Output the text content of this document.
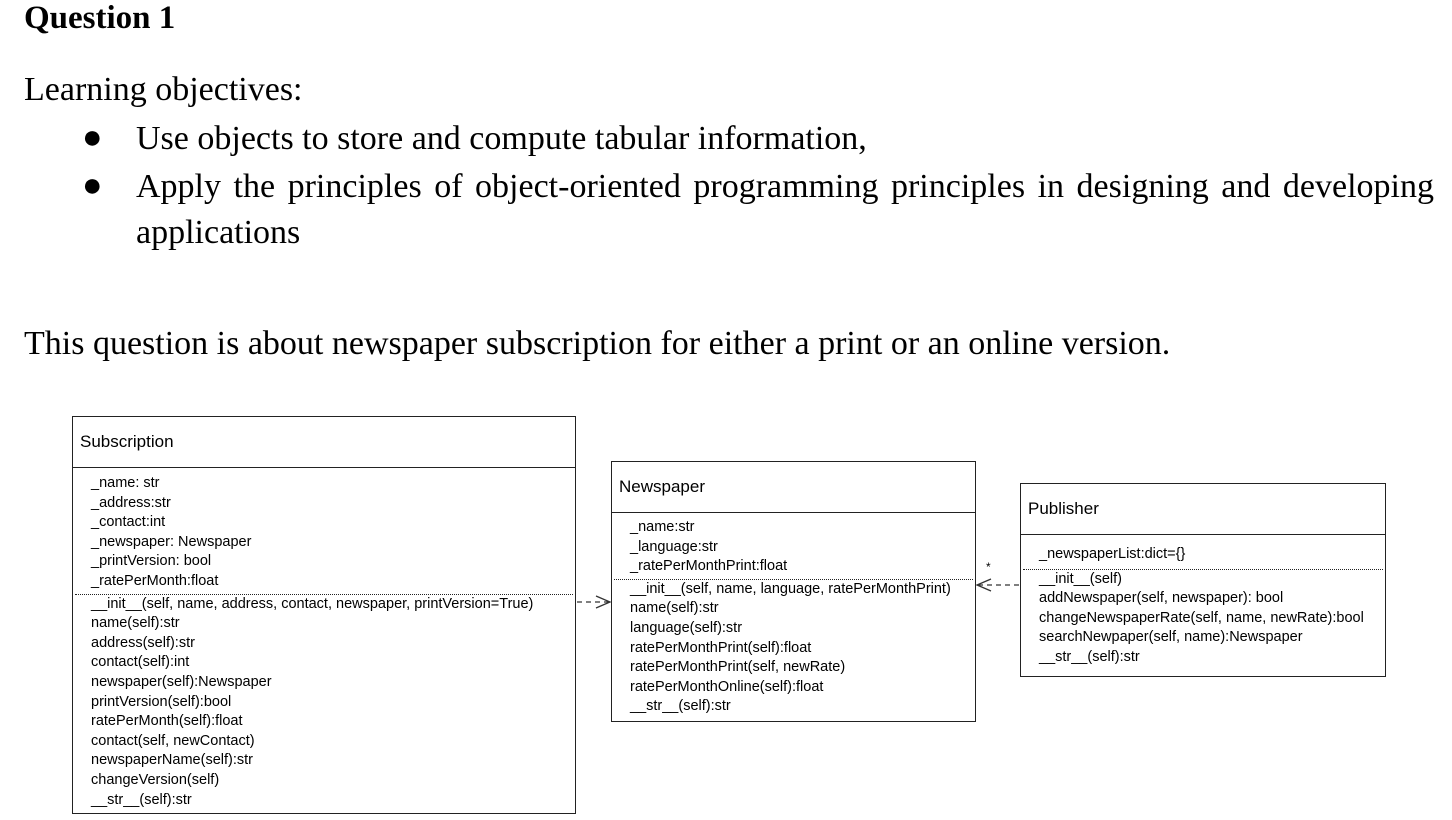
Question 1
Learning objectives:
● Use objects to store and compute tabular information,
● Apply the principles of object-oriented programming principles in designing and developing applications
This question is about newspaper subscription for either a print or an online version.
Subscription
_name: str
_address:str
_contact:int
_newspaper: Newspaper
_printVersion: bool
_ratePerMonth:float
__init__(self, name, address, contact, newspaper, printVersion=True)
name(self):str
address(self):str
contact(self):int
newspaper(self):Newspaper
printVersion(self):bool
ratePerMonth(self):float
contact(self, newContact)
newspaperName(self):str
changeVersion(self)
__str__(self):str
Newspaper
_name:str
_language:str
_ratePerMonthPrint:float
__init__(self, name, language, ratePerMonthPrint)
name(self):str
language(self):str
ratePerMonthPrint(self):float
ratePerMonthPrint(self, newRate)
ratePerMonthOnline(self):float
__str__(self):str
Publisher
_newspaperList:dict={}
__init__(self)
addNewspaper(self, newspaper): bool
changeNewspaperRate(self, name, newRate):bool
searchNewpaper(self, name):Newspaper
__str__(self):str
*
